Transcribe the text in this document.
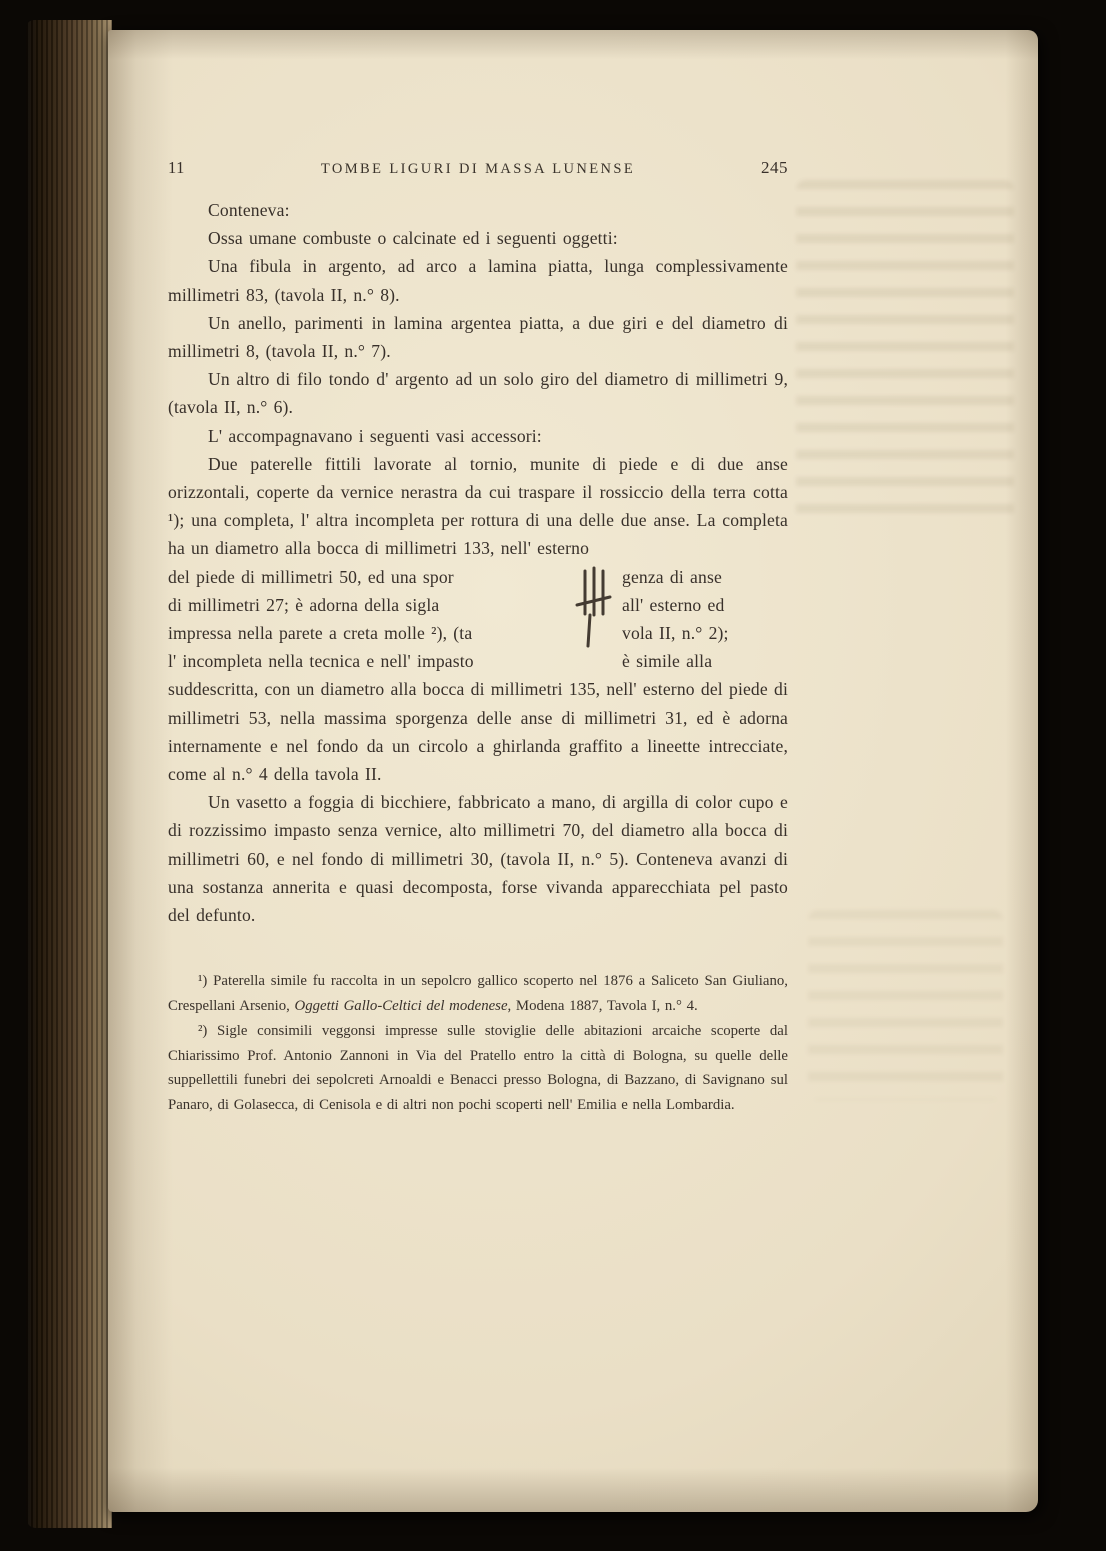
11	TOMBE LIGURI DI MASSA LUNENSE	245

Conteneva:

Ossa umane combuste o calcinate ed i seguenti oggetti:

Una fibula in argento, ad arco a lamina piatta, lunga complessivamente millimetri 83, (tavola II, n.° 8).

Un anello, parimenti in lamina argentea piatta, a due giri e del diametro di millimetri 8, (tavola II, n.° 7).

Un altro di filo tondo d' argento ad un solo giro del diametro di millimetri 9, (tavola II, n.° 6).

L' accompagnavano i seguenti vasi accessori:

Due paterelle fittili lavorate al tornio, munite di piede e di due anse orizzontali, coperte da vernice nerastra da cui traspare il rossiccio della terra cotta ¹); una completa, l' altra incompleta per rottura di una delle due anse. La completa ha un diametro alla bocca di millimetri 133, nell' esterno

del piede di millimetri 50, ed una spor
di millimetri 27; è adorna della sigla
impressa nella parete a creta molle ²), (ta
l' incompleta nella tecnica e nell' impasto
genza di anse
all' esterno ed
vola II, n.° 2);
è simile alla

suddescritta, con un diametro alla bocca di millimetri 135, nell' esterno del piede di millimetri 53, nella massima sporgenza delle anse di millimetri 31, ed è adorna internamente e nel fondo da un circolo a ghirlanda graffito a lineette intrecciate, come al n.° 4 della tavola II.

Un vasetto a foggia di bicchiere, fabbricato a mano, di argilla di color cupo e di rozzissimo impasto senza vernice, alto millimetri 70, del diametro alla bocca di millimetri 60, e nel fondo di millimetri 30, (tavola II, n.° 5). Conteneva avanzi di una sostanza annerita e quasi decomposta, forse vivanda apparecchiata pel pasto del defunto.

¹) Paterella simile fu raccolta in un sepolcro gallico scoperto nel 1876 a Saliceto San Giuliano, Crespellani Arsenio, Oggetti Gallo-Celtici del modenese, Modena 1887, Tavola I, n.° 4.

²) Sigle consimili veggonsi impresse sulle stoviglie delle abitazioni arcaiche scoperte dal Chiarissimo Prof. Antonio Zannoni in Via del Pratello entro la città di Bologna, su quelle delle suppellettili funebri dei sepolcreti Arnoaldi e Benacci presso Bologna, di Bazzano, di Savignano sul Panaro, di Golasecca, di Cenisola e di altri non pochi scoperti nell' Emilia e nella Lombardia.
